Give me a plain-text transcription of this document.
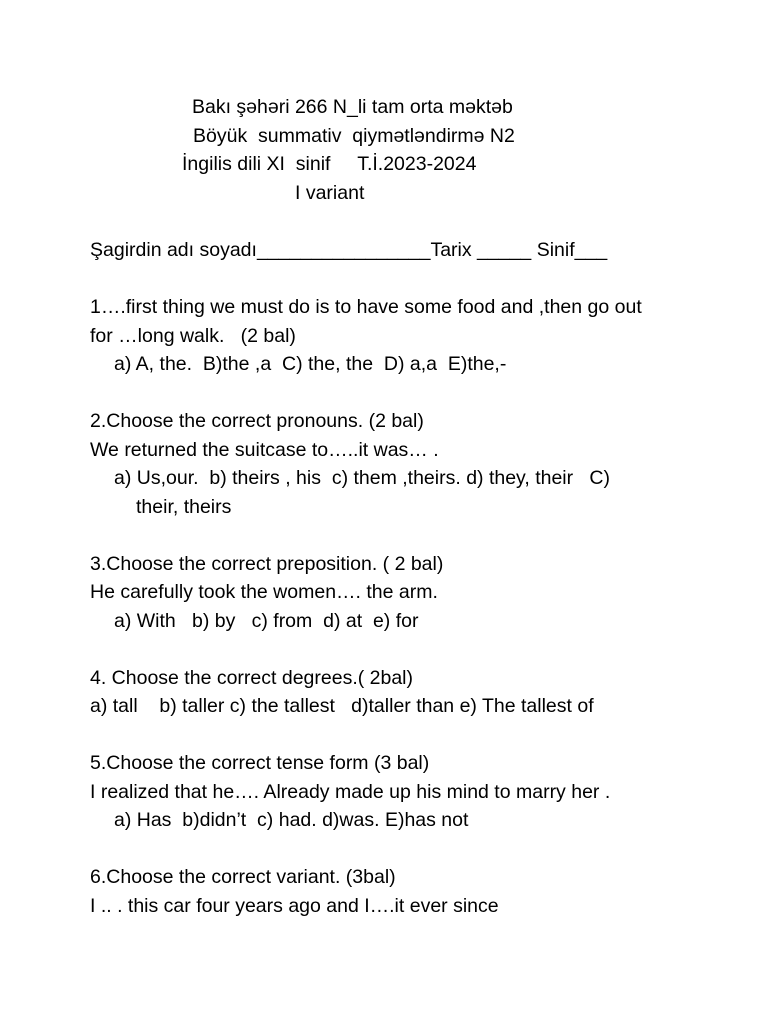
Bakı şəhəri 266 N_li tam orta məktəb
Böyük  summativ  qiymətləndirmə N2
İngilis dili XI  sinif     T.İ.2023-2024
I variant
Şagirdin adı soyadı________________Tarix _____ Sinif___
1….first thing we must do is to have some food and ,then go out
for …long walk.   (2 bal)
a) A, the.  B)the ,a  C) the, the  D) a,a  E)the,-
2.Choose the correct pronouns. (2 bal)
We returned the suitcase to…..it was… .
a) Us,our.  b) theirs , his  c) them ,theirs. d) they, their   C)
their, theirs
3.Choose the correct preposition. ( 2 bal)
He carefully took the women…. the arm.
a) With   b) by   c) from  d) at  e) for
4. Choose the correct degrees.( 2bal)
a) tall    b) taller c) the tallest   d)taller than e) The tallest of
5.Choose the correct tense form (3 bal)
I realized that he…. Already made up his mind to marry her .
a) Has  b)didn’t  c) had. d)was. E)has not
6.Choose the correct variant. (3bal)
I .. . this car four years ago and I….it ever since
